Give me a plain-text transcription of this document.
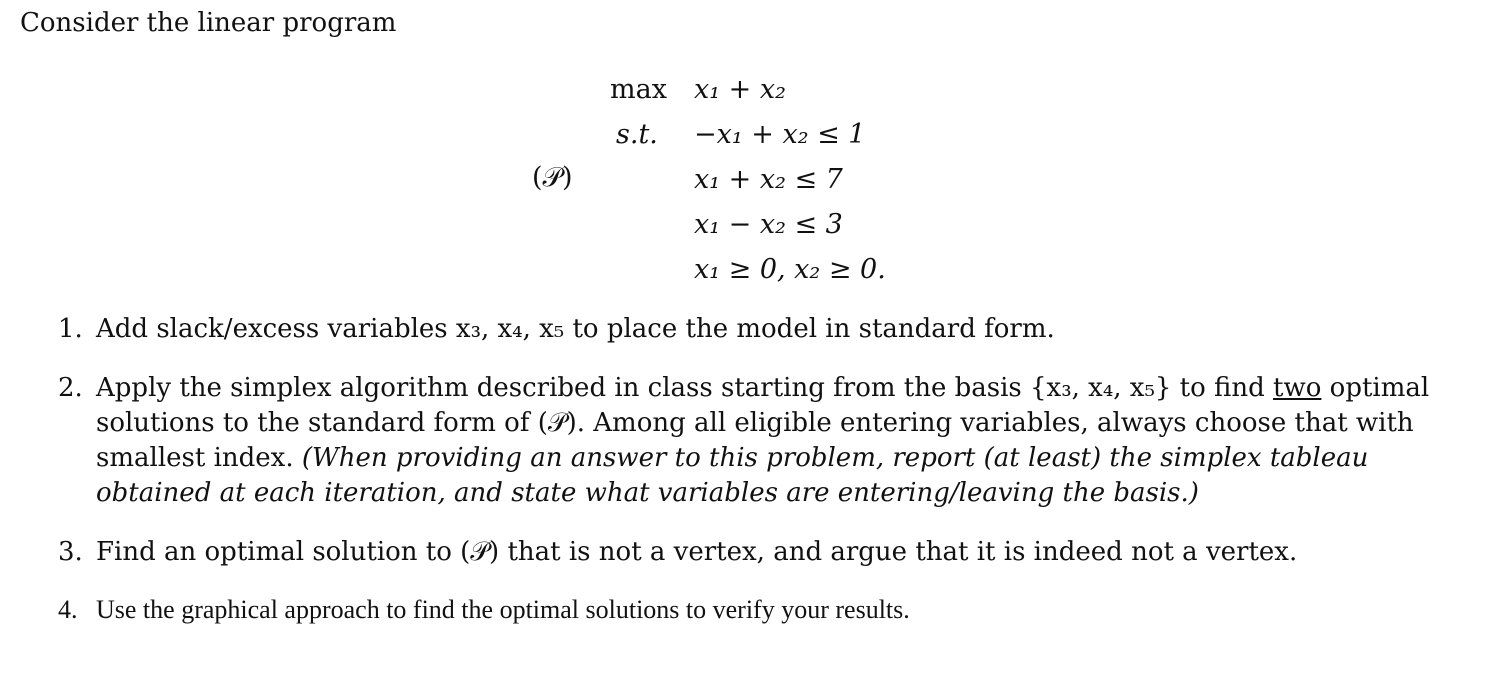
Consider the linear program
(𝒫)
max x₁ + x₂
s.t. −x₁ + x₂ ≤ 1
x₁ + x₂ ≤ 7
x₁ − x₂ ≤ 3
x₁ ≥ 0, x₂ ≥ 0.
1. Add slack/excess variables x₃, x₄, x₅ to place the model in standard form.
2. Apply the simplex algorithm described in class starting from the basis {x₃, x₄, x₅} to find two optimal solutions to the standard form of (𝒫). Among all eligible entering variables, always choose that with smallest index. (When providing an answer to this problem, report (at least) the simplex tableau obtained at each iteration, and state what variables are entering/leaving the basis.)
3. Find an optimal solution to (𝒫) that is not a vertex, and argue that it is indeed not a vertex.
4. Use the graphical approach to find the optimal solutions to verify your results.
